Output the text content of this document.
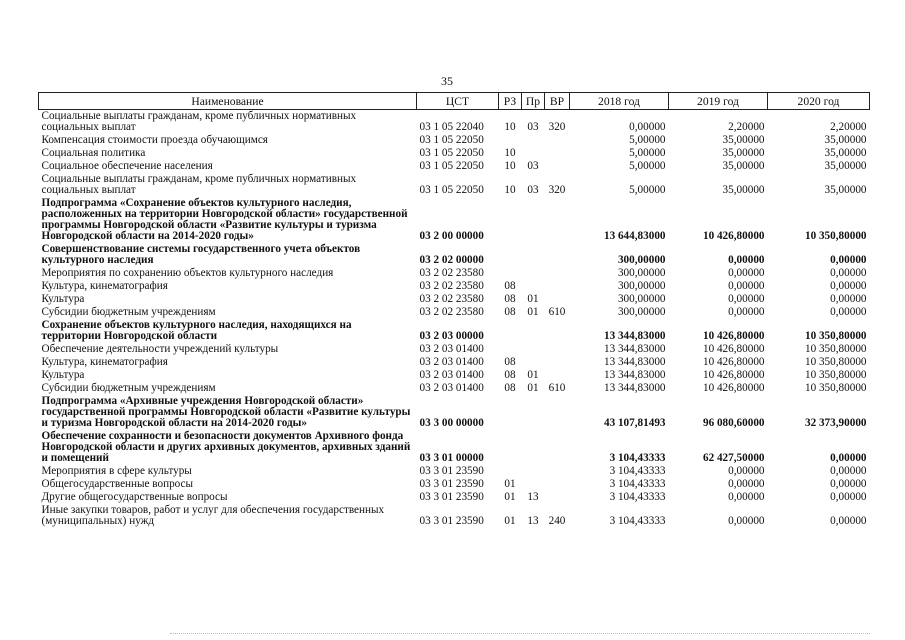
35
Наименование	ЦСТ	РЗ	Пр	ВР	2018 год	2019 год	2020 год
Социальные выплаты гражданам, кроме публичных нормативных социальных выплат	03 1 05 22040	10	03	320	0,00000	2,20000	2,20000
Компенсация стоимости проезда обучающимся	03 1 05 22050				5,00000	35,00000	35,00000
Социальная политика	03 1 05 22050	10			5,00000	35,00000	35,00000
Социальное обеспечение населения	03 1 05 22050	10	03		5,00000	35,00000	35,00000
Социальные выплаты гражданам, кроме публичных нормативных социальных выплат	03 1 05 22050	10	03	320	5,00000	35,00000	35,00000
Подпрограмма «Сохранение объектов культурного наследия, расположенных на территории Новгородской области» государственной программы Новгородской области «Развитие культуры и туризма Новгородской области на 2014-2020 годы»	03 2 00 00000				13 644,83000	10 426,80000	10 350,80000
Совершенствование системы государственного учета объектов культурного наследия	03 2 02 00000				300,00000	0,00000	0,00000
Мероприятия по сохранению объектов культурного наследия	03 2 02 23580				300,00000	0,00000	0,00000
Культура, кинематография	03 2 02 23580	08			300,00000	0,00000	0,00000
Культура	03 2 02 23580	08	01		300,00000	0,00000	0,00000
Субсидии бюджетным учреждениям	03 2 02 23580	08	01	610	300,00000	0,00000	0,00000
Сохранение объектов культурного наследия, находящихся на территории Новгородской области	03 2 03 00000				13 344,83000	10 426,80000	10 350,80000
Обеспечение деятельности учреждений культуры	03 2 03 01400				13 344,83000	10 426,80000	10 350,80000
Культура, кинематография	03 2 03 01400	08			13 344,83000	10 426,80000	10 350,80000
Культура	03 2 03 01400	08	01		13 344,83000	10 426,80000	10 350,80000
Субсидии бюджетным учреждениям	03 2 03 01400	08	01	610	13 344,83000	10 426,80000	10 350,80000
Подпрограмма «Архивные учреждения Новгородской области» государственной программы Новгородской области «Развитие культуры и туризма Новгородской области на 2014-2020 годы»	03 3 00 00000				43 107,81493	96 080,60000	32 373,90000
Обеспечение сохранности и безопасности документов Архивного фонда Новгородской области и других архивных документов, архивных зданий и помещений	03 3 01 00000				3 104,43333	62 427,50000	0,00000
Мероприятия в сфере культуры	03 3 01 23590				3 104,43333	0,00000	0,00000
Общегосударственные вопросы	03 3 01 23590	01			3 104,43333	0,00000	0,00000
Другие общегосударственные вопросы	03 3 01 23590	01	13		3 104,43333	0,00000	0,00000
Иные закупки товаров, работ и услуг для обеспечения государственных (муниципальных) нужд	03 3 01 23590	01	13	240	3 104,43333	0,00000	0,00000
